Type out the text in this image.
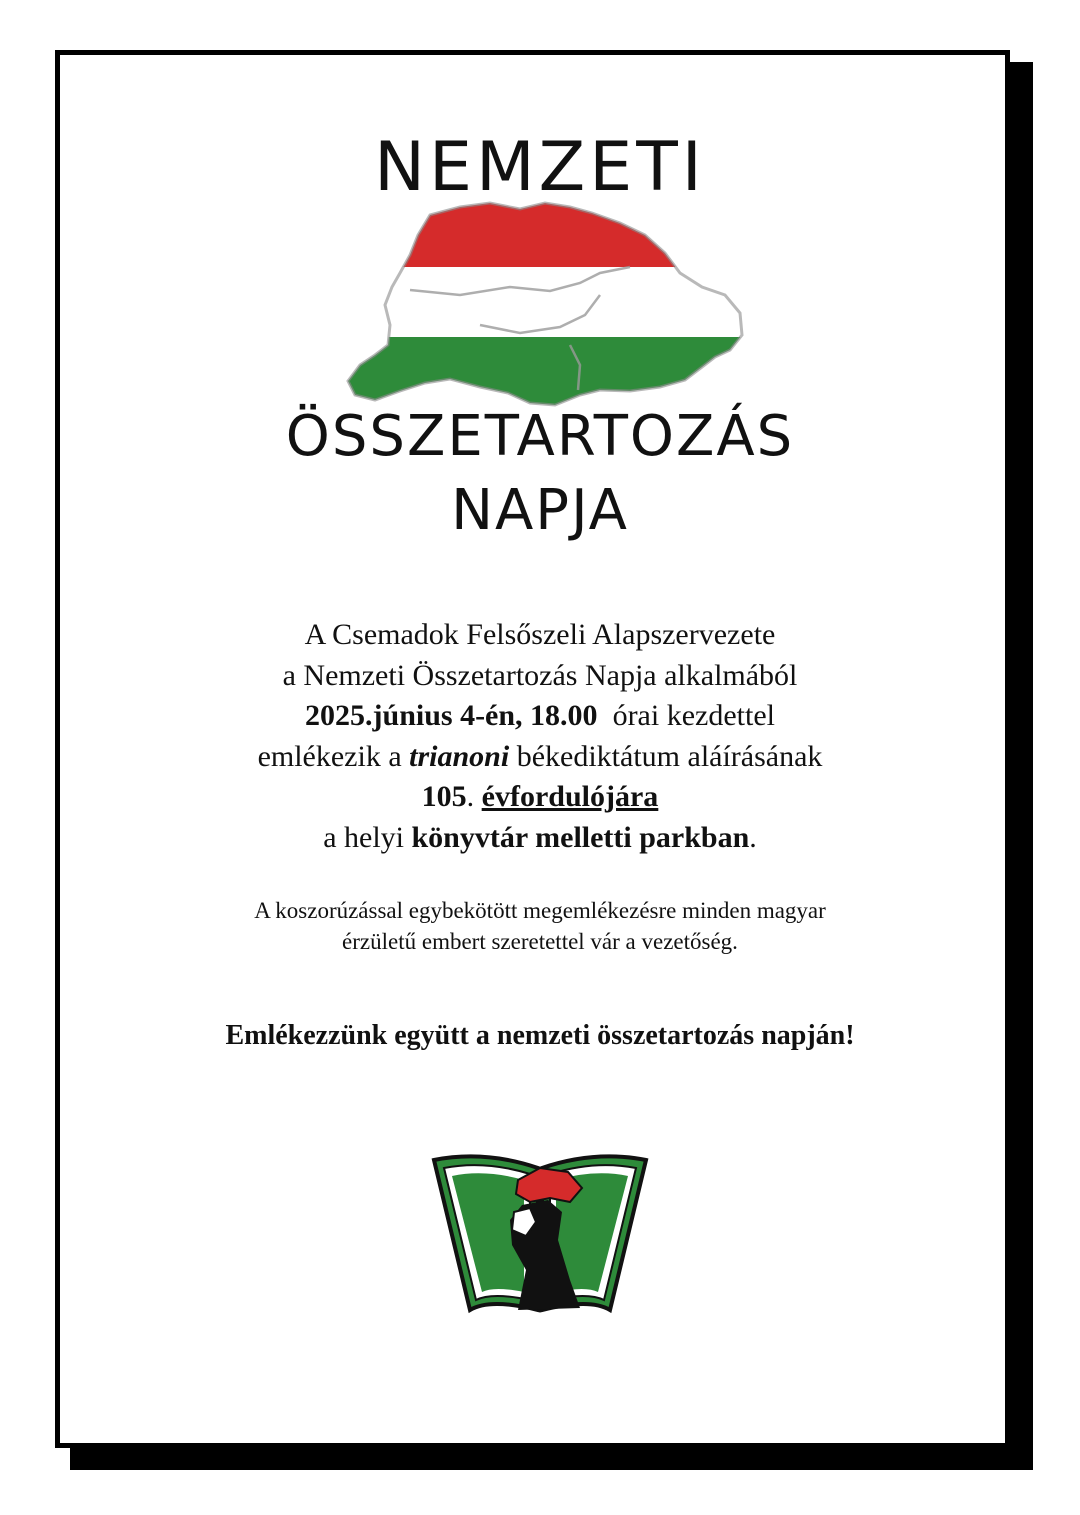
NEMZETI
ÖSSZETARTOZÁS
NAPJA
A Csemadok Felsőszeli Alapszervezete
a Nemzeti Összetartozás Napja alkalmából
2025.június 4-én, 18.00  órai kezdettel
emlékezik a trianoni békediktátum aláírásának
105. évfordulójára
a helyi könyvtár melletti parkban.
A koszorúzással egybekötött megemlékezésre minden magyar
érzületű embert szeretettel vár a vezetőség.
Emlékezzünk együtt a nemzeti összetartozás napján!
